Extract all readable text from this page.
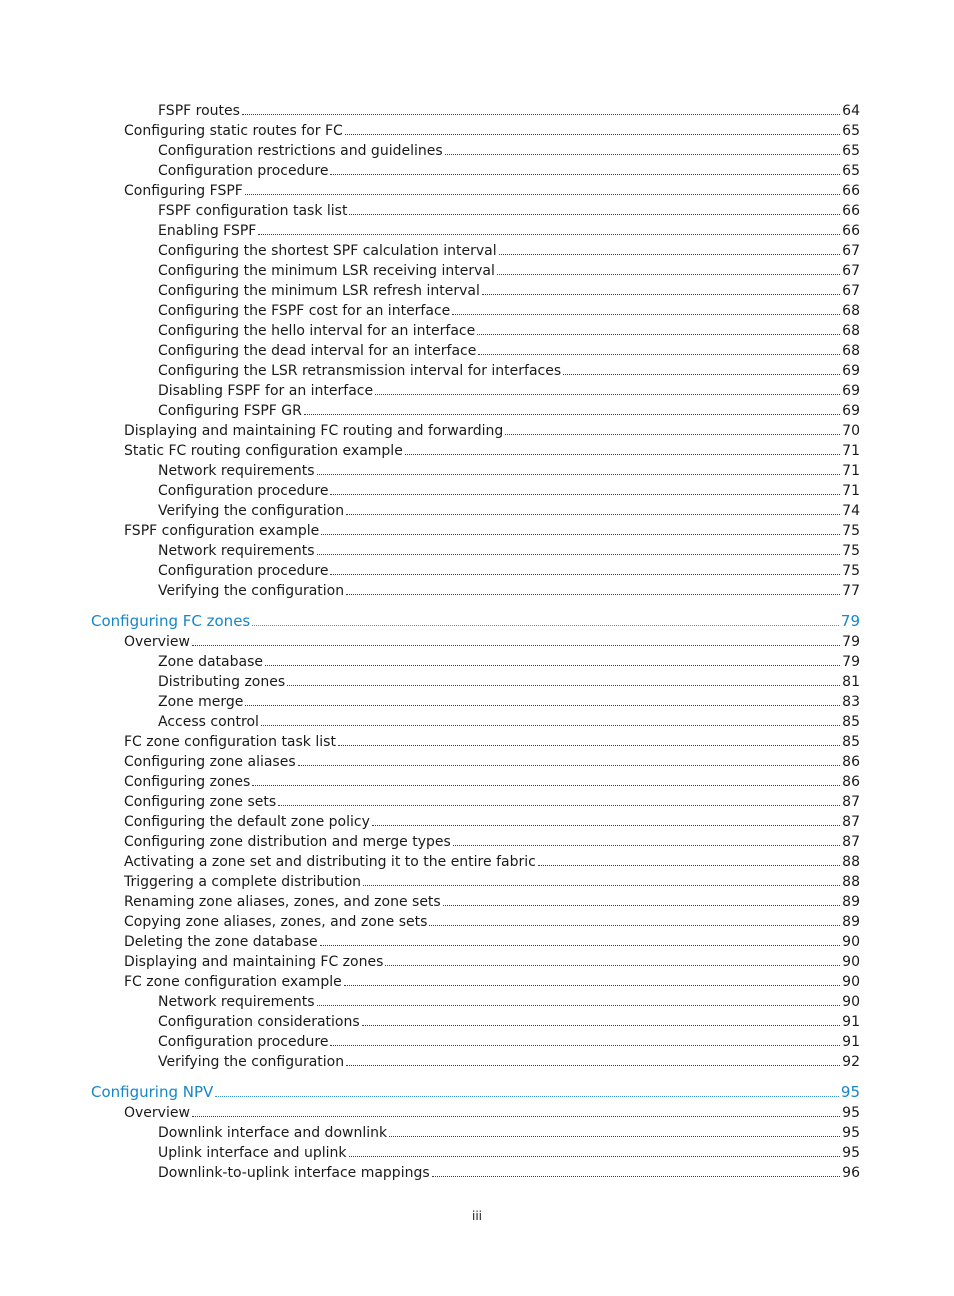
FSPF routes	64
Configuring static routes for FC	65
Configuration restrictions and guidelines	65
Configuration procedure	65
Configuring FSPF	66
FSPF configuration task list	66
Enabling FSPF	66
Configuring the shortest SPF calculation interval	67
Configuring the minimum LSR receiving interval	67
Configuring the minimum LSR refresh interval	67
Configuring the FSPF cost for an interface	68
Configuring the hello interval for an interface	68
Configuring the dead interval for an interface	68
Configuring the LSR retransmission interval for interfaces	69
Disabling FSPF for an interface	69
Configuring FSPF GR	69
Displaying and maintaining FC routing and forwarding	70
Static FC routing configuration example	71
Network requirements	71
Configuration procedure	71
Verifying the configuration	74
FSPF configuration example	75
Network requirements	75
Configuration procedure	75
Verifying the configuration	77
Configuring FC zones	79
Overview	79
Zone database	79
Distributing zones	81
Zone merge	83
Access control	85
FC zone configuration task list	85
Configuring zone aliases	86
Configuring zones	86
Configuring zone sets	87
Configuring the default zone policy	87
Configuring zone distribution and merge types	87
Activating a zone set and distributing it to the entire fabric	88
Triggering a complete distribution	88
Renaming zone aliases, zones, and zone sets	89
Copying zone aliases, zones, and zone sets	89
Deleting the zone database	90
Displaying and maintaining FC zones	90
FC zone configuration example	90
Network requirements	90
Configuration considerations	91
Configuration procedure	91
Verifying the configuration	92
Configuring NPV	95
Overview	95
Downlink interface and downlink	95
Uplink interface and uplink	95
Downlink-to-uplink interface mappings	96
iii
